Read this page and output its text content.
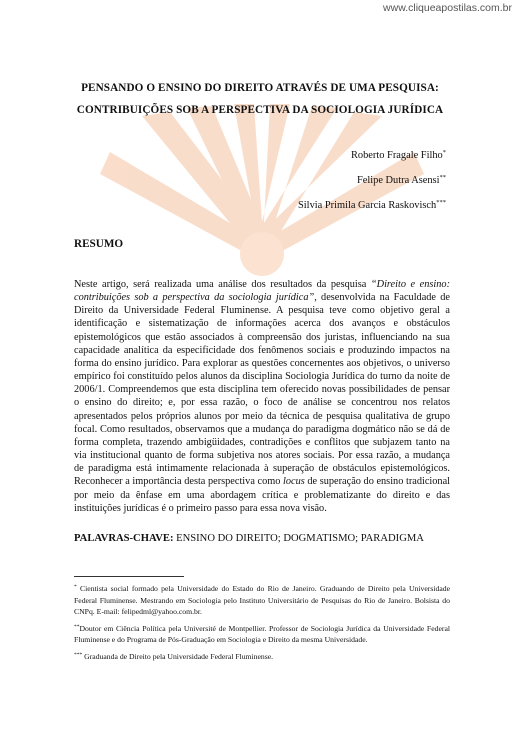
www.cliqueapostilas.com.br
PENSANDO O ENSINO DO DIREITO ATRAVÉS DE UMA PESQUISA:
CONTRIBUIÇÕES SOB A PERSPECTIVA DA SOCIOLOGIA JURÍDICA
Roberto Fragale Filho*
Felipe Dutra Asensi**
Silvia Primila Garcia Raskovisch***
RESUMO
Neste artigo, será realizada uma análise dos resultados da pesquisa “Direito e ensino: contribuições sob a perspectiva da sociologia jurídica”, desenvolvida na Faculdade de Direito da Universidade Federal Fluminense. A pesquisa teve como objetivo geral a identificação e sistematização de informações acerca dos avanços e obstáculos epistemológicos que estão associados à compreensão dos juristas, influenciando na sua capacidade analítica da especificidade dos fenômenos sociais e produzindo impactos na forma do ensino jurídico. Para explorar as questões concernentes aos objetivos, o universo empírico foi constituído pelos alunos da disciplina Sociologia Jurídica do turno da noite de 2006/1. Compreendemos que esta disciplina tem oferecido novas possibilidades de pensar o ensino do direito; e, por essa razão, o foco de análise se concentrou nos relatos apresentados pelos próprios alunos por meio da técnica de pesquisa qualitativa de grupo focal. Como resultados, observamos que a mudança do paradigma dogmático não se dá de forma completa, trazendo ambigüidades, contradições e conflitos que subjazem tanto na via institucional quanto de forma subjetiva nos atores sociais. Por essa razão, a mudança de paradigma está intimamente relacionada à superação de obstáculos epistemológicos. Reconhecer a importância desta perspectiva como locus de superação do ensino tradicional por meio da ênfase em uma abordagem crítica e problematizante do direito e das instituições jurídicas é o primeiro passo para essa nova visão.
PALAVRAS-CHAVE: ENSINO DO DIREITO; DOGMATISMO; PARADIGMA
* Cientista social formado pela Universidade do Estado do Rio de Janeiro. Graduando de Direito pela Universidade Federal Fluminense. Mestrando em Sociologia pelo Instituto Universitário de Pesquisas do Rio de Janeiro. Bolsista do CNPq. E-mail: felipedml@yahoo.com.br.
**Doutor em Ciência Política pela Université de Montpellier. Professor de Sociologia Jurídica da Universidade Federal Fluminense e do Programa de Pós-Graduação em Sociologia e Direito da mesma Universidade.
*** Graduanda de Direito pela Universidade Federal Fluminense.
